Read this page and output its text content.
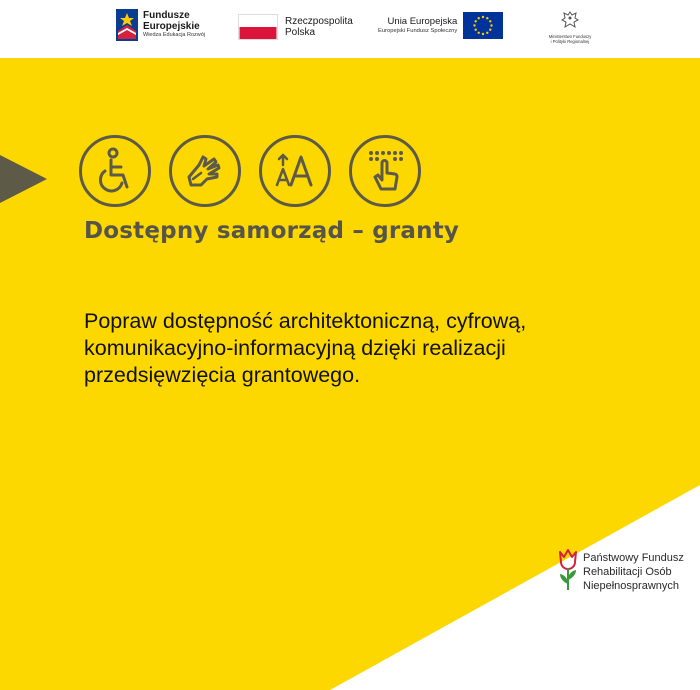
Fundusze
Europejskie
Wiedza Edukacja Rozwój
Rzeczpospolita
Polska
Unia Europejska
Europejski Fundusz Społeczny
Ministerstwo Funduszy
i Polityki Regionalnej
Dostępny samorząd – granty
Popraw dostępność architektoniczną, cyfrową,
komunikacyjno-informacyjną dzięki realizacji
przedsięwzięcia grantowego.
Państwowy Fundusz
Rehabilitacji Osób
Niepełnosprawnych
